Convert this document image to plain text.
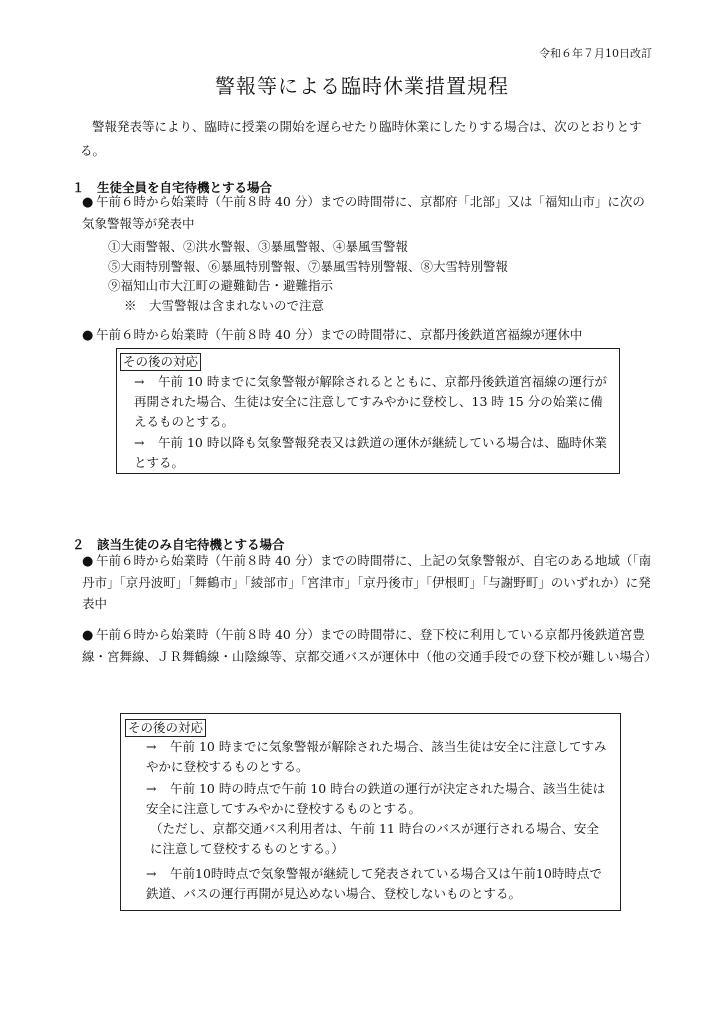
令和６年７月10日改訂
警報等による臨時休業措置規程
警報発表等により、臨時に授業の開始を遅らせたり臨時休業にしたりする場合は、次のとおりとする。
１　生徒全員を自宅待機とする場合
● 午前６時から始業時（午前８時 40 分）までの時間帯に、京都府「北部」又は「福知山市」に次の気象警報等が発表中
①大雨警報、②洪水警報、③暴風警報、④暴風雪警報
⑤大雨特別警報、⑥暴風特別警報、⑦暴風雪特別警報、⑧大雪特別警報
⑨福知山市大江町の避難勧告・避難指示
※　 大雪警報は含まれないので注意
● 午前６時から始業時（午前８時 40 分）までの時間帯に、京都丹後鉄道宮福線が運休中
その後の対応
→ 午前 10 時までに気象警報が解除されるとともに、京都丹後鉄道宮福線の運行が再開された場合、生徒は安全に注意してすみやかに登校し、13 時 15 分の始業に備えるものとする。
→ 午前 10 時以降も気象警報発表又は鉄道の運休が継続している場合は、臨時休業とする。
２　該当生徒のみ自宅待機とする場合
● 午前６時から始業時（午前８時 40 分）までの時間帯に、上記の気象警報が、自宅のある地域（「南丹市」「京丹波町」「舞鶴市」「綾部市」「宮津市」「京丹後市」「伊根町」「与謝野町」のいずれか）に発表中
● 午前６時から始業時（午前８時 40 分）までの時間帯に、登下校に利用している京都丹後鉄道宮豊線・宮舞線、ＪＲ舞鶴線・山陰線等、京都交通バスが運休中（他の交通手段での登下校が難しい場合）
その後の対応
→ 午前 10 時までに気象警報が解除された場合、該当生徒は安全に注意してすみやかに登校するものとする。
→ 午前 10 時の時点で午前 10 時台の鉄道の運行が決定された場合、該当生徒は安全に注意してすみやかに登校するものとする。
（ただし、京都交通バス利用者は、午前 11 時台のバスが運行される場合、安全に注意して登校するものとする。）
→ 午前10時時点で気象警報が継続して発表されている場合又は午前10時時点で鉄道、バスの運行再開が見込めない場合、登校しないものとする。
